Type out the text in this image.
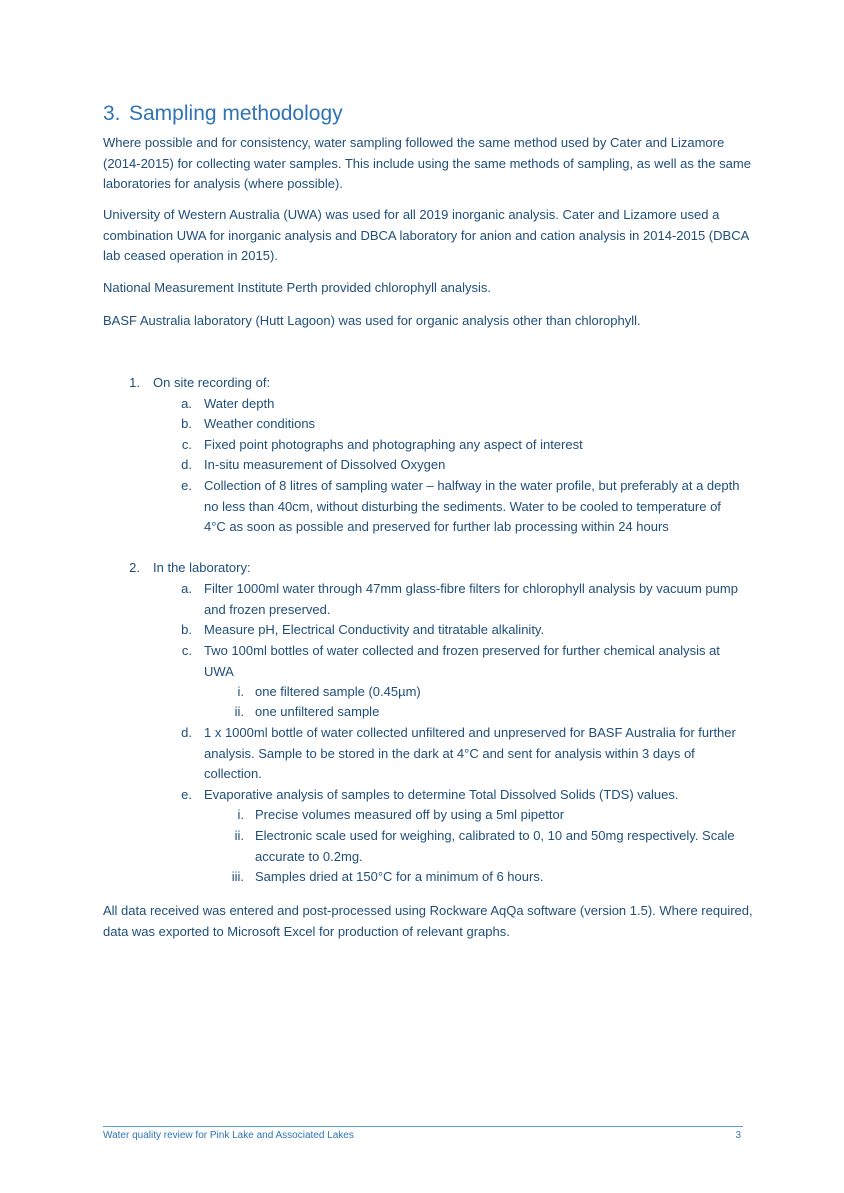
3. Sampling methodology
Where possible and for consistency, water sampling followed the same method used by Cater and Lizamore (2014-2015) for collecting water samples. This include using the same methods of sampling, as well as the same laboratories for analysis (where possible).
University of Western Australia (UWA) was used for all 2019 inorganic analysis. Cater and Lizamore used a combination UWA for inorganic analysis and DBCA laboratory for anion and cation analysis in 2014-2015 (DBCA lab ceased operation in 2015).
National Measurement Institute Perth provided chlorophyll analysis.
BASF Australia laboratory (Hutt Lagoon) was used for organic analysis other than chlorophyll.
1. On site recording of:
a. Water depth
b. Weather conditions
c. Fixed point photographs and photographing any aspect of interest
d. In-situ measurement of Dissolved Oxygen
e. Collection of 8 litres of sampling water – halfway in the water profile, but preferably at a depth no less than 40cm, without disturbing the sediments. Water to be cooled to temperature of 4°C as soon as possible and preserved for further lab processing within 24 hours
2. In the laboratory:
a. Filter 1000ml water through 47mm glass-fibre filters for chlorophyll analysis by vacuum pump and frozen preserved.
b. Measure pH, Electrical Conductivity and titratable alkalinity.
c. Two 100ml bottles of water collected and frozen preserved for further chemical analysis at UWA
i. one filtered sample (0.45µm)
ii. one unfiltered sample
d. 1 x 1000ml bottle of water collected unfiltered and unpreserved for BASF Australia for further analysis. Sample to be stored in the dark at 4°C and sent for analysis within 3 days of collection.
e. Evaporative analysis of samples to determine Total Dissolved Solids (TDS) values.
i. Precise volumes measured off by using a 5ml pipettor
ii. Electronic scale used for weighing, calibrated to 0, 10 and 50mg respectively. Scale accurate to 0.2mg.
iii. Samples dried at 150°C for a minimum of 6 hours.
All data received was entered and post-processed using Rockware AqQa software (version 1.5). Where required, data was exported to Microsoft Excel for production of relevant graphs.
Water quality review for Pink Lake and Associated Lakes	3
